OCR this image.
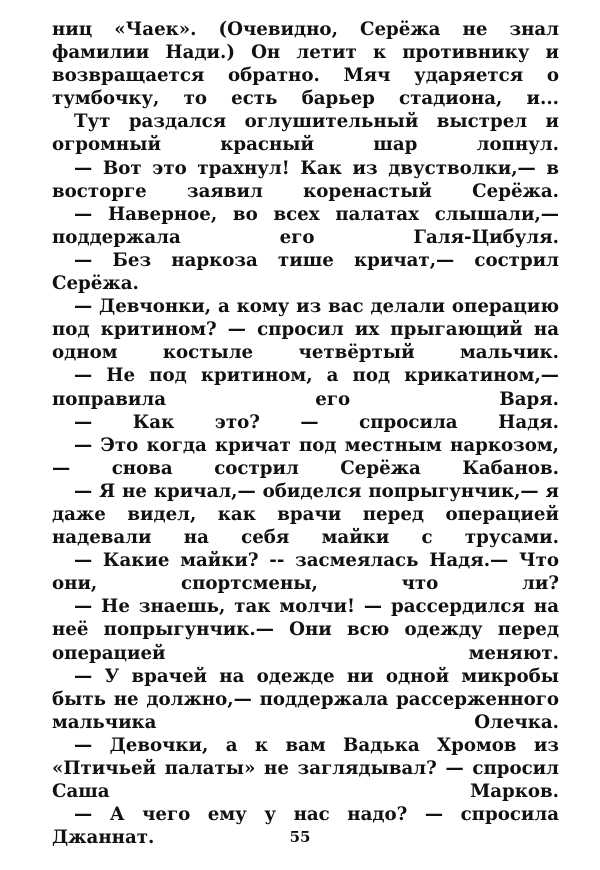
ниц «Чаек». (Очевидно, Серёжа не знал фамилии Нади.) Он летит к противнику и возвращается обратно. Мяч ударяется о тумбочку, то есть барьер стадиона, и...

Тут раздался оглушительный выстрел и огромный красный шар лопнул.

— Вот это трахнул! Как из двустволки,— в восторге заявил коренастый Серёжа.

— Наверное, во всех палатах слышали,— поддержала его Галя-Цибуля.

— Без наркоза тише кричат,— сострил Серёжа.

— Девчонки, а кому из вас делали операцию под критином? — спросил их прыгающий на одном костыле четвёртый мальчик.

— Не под критином, а под крикатином,— поправила его Варя.

— Как это? — спросила Надя.

— Это когда кричат под местным наркозом,— снова сострил Серёжа Кабанов.

— Я не кричал,— обиделся попрыгунчик,— я даже видел, как врачи перед операцией надевали на себя майки с трусами.

— Какие майки? -- засмеялась Надя.— Что они, спортсмены, что ли?

— Не знаешь, так молчи! — рассердился на неё попрыгунчик.— Они всю одежду перед операцией меняют.

— У врачей на одежде ни одной микробы быть не должно,— поддержала рассерженного мальчика Олечка.

— Девочки, а к вам Вадька Хромов из «Птичьей палаты» не заглядывал? — спросил Саша Марков.

— А чего ему у нас надо? — спросила Джаннат.	55
